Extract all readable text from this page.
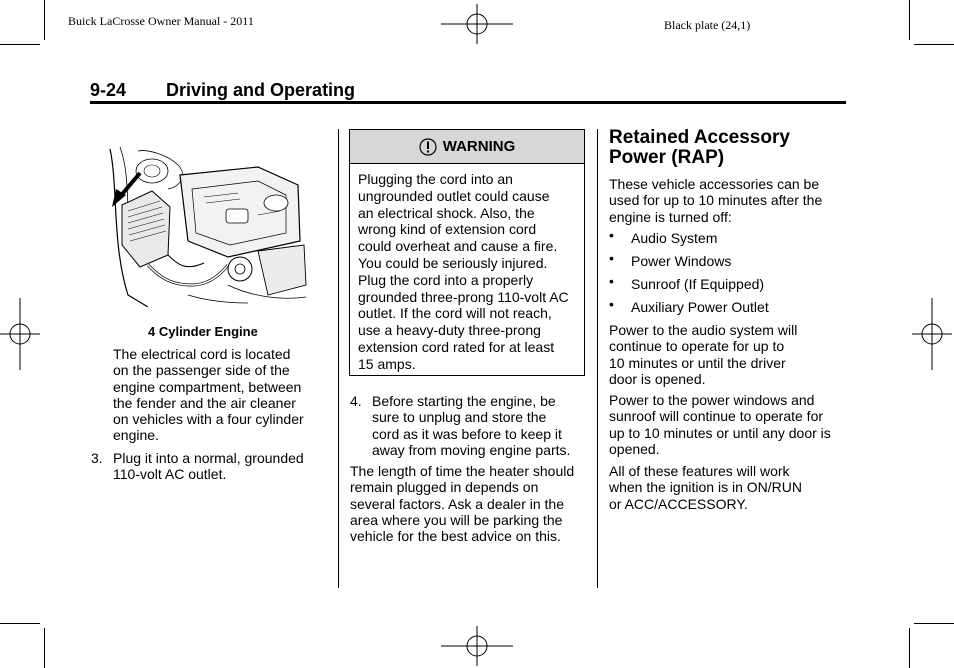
Buick LaCrosse Owner Manual - 2011	Black plate (24,1)
9-24 Driving and Operating
4 Cylinder Engine
The electrical cord is located
on the passenger side of the
engine compartment, between
the fender and the air cleaner
on vehicles with a four cylinder
engine.
3. Plug it into a normal, grounded
110-volt AC outlet.
WARNING
Plugging the cord into an
ungrounded outlet could cause
an electrical shock. Also, the
wrong kind of extension cord
could overheat and cause a fire.
You could be seriously injured.
Plug the cord into a properly
grounded three-prong 110-volt AC
outlet. If the cord will not reach,
use a heavy-duty three-prong
extension cord rated for at least
15 amps.
4. Before starting the engine, be
sure to unplug and store the
cord as it was before to keep it
away from moving engine parts.
The length of time the heater should
remain plugged in depends on
several factors. Ask a dealer in the
area where you will be parking the
vehicle for the best advice on this.
Retained Accessory
Power (RAP)
These vehicle accessories can be
used for up to 10 minutes after the
engine is turned off:
• Audio System
• Power Windows
• Sunroof (If Equipped)
• Auxiliary Power Outlet
Power to the audio system will
continue to operate for up to
10 minutes or until the driver
door is opened.
Power to the power windows and
sunroof will continue to operate for
up to 10 minutes or until any door is
opened.
All of these features will work
when the ignition is in ON/RUN
or ACC/ACCESSORY.
